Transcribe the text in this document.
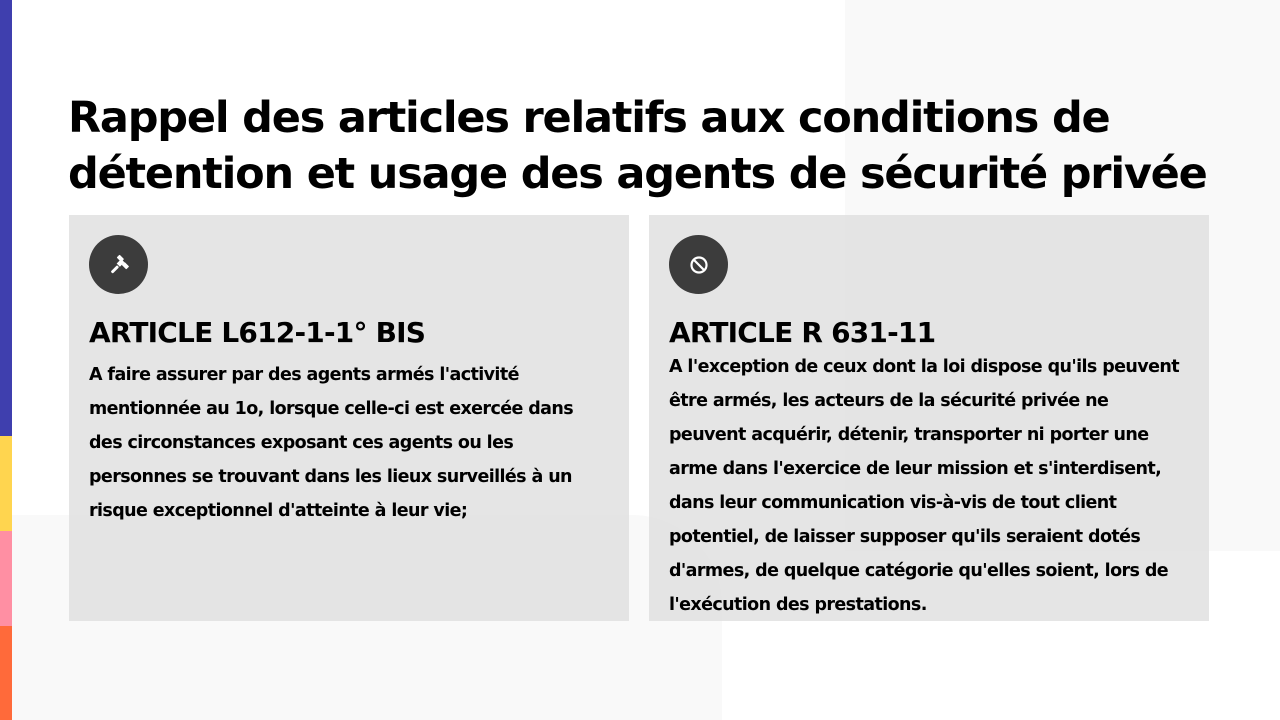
Rappel des articles relatifs aux conditions de détention et usage des agents de sécurité privée
ARTICLE L612-1-1° BIS

A faire assurer par des agents armés l'activité mentionnée au 1o, lorsque celle-ci est exercée dans des circonstances exposant ces agents ou les personnes se trouvant dans les lieux surveillés à un risque exceptionnel d'atteinte à leur vie;

ARTICLE R 631-11

A l'exception de ceux dont la loi dispose qu'ils peuvent être armés, les acteurs de la sécurité privée ne peuvent acquérir, détenir, transporter ni porter une arme dans l'exercice de leur mission et s'interdisent, dans leur communication vis-à-vis de tout client potentiel, de laisser supposer qu'ils seraient dotés d'armes, de quelque catégorie qu'elles soient, lors de l'exécution des prestations.
